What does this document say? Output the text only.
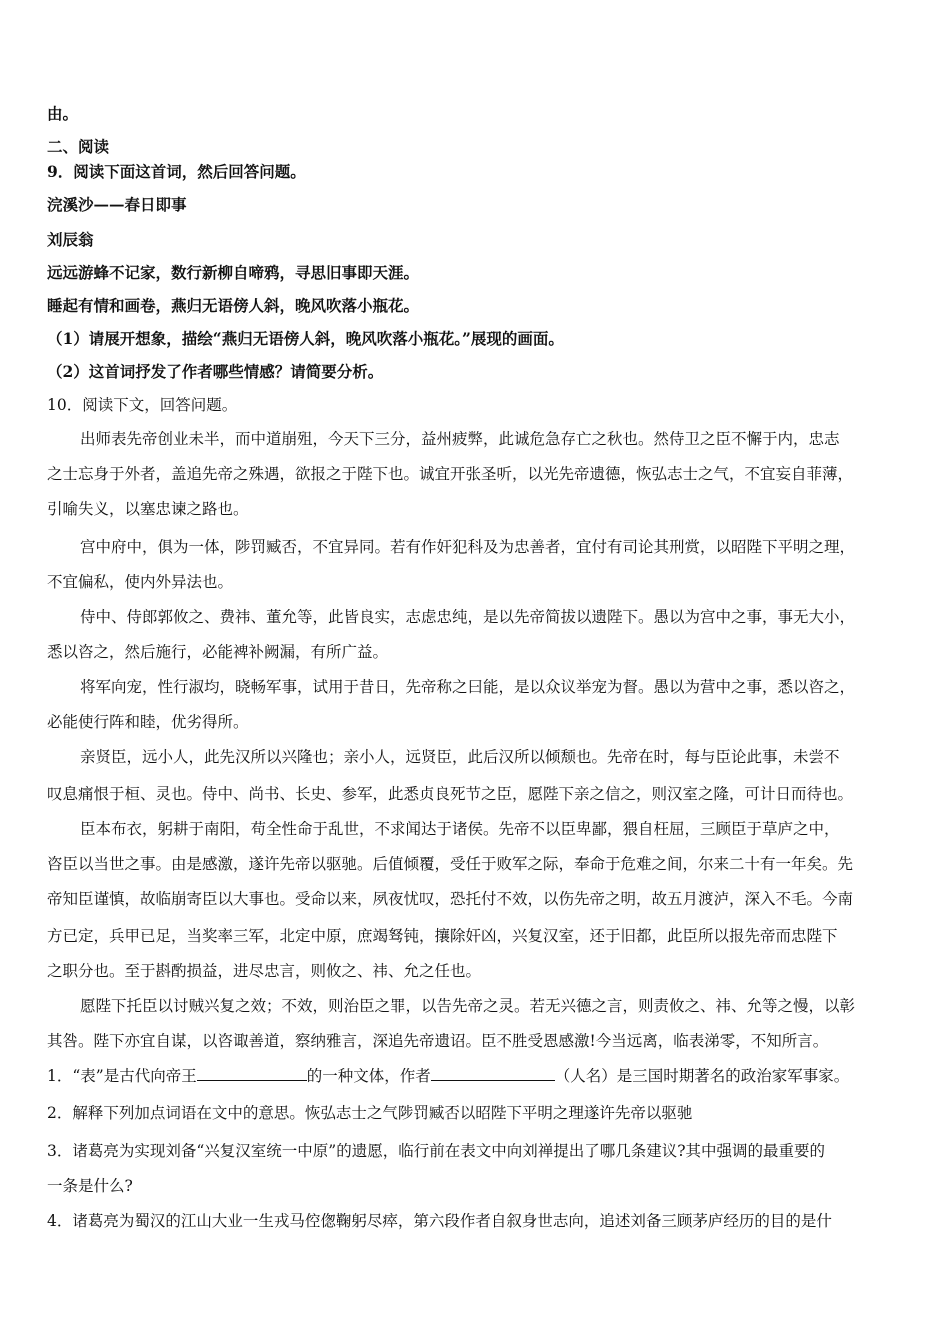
由。
二、阅读
9．阅读下面这首词，然后回答问题。
浣溪沙——春日即事
刘辰翁
远远游蜂不记家，数行新柳自啼鸦，寻思旧事即天涯。
睡起有情和画卷，燕归无语傍人斜，晚风吹落小瓶花。
（1）请展开想象，描绘“燕归无语傍人斜，晚风吹落小瓶花。”展现的画面。
（2）这首词抒发了作者哪些情感？请简要分析。
10．阅读下文，回答问题。
出师表先帝创业未半，而中道崩殂，今天下三分，益州疲弊，此诚危急存亡之秋也。然侍卫之臣不懈于内，忠志
之士忘身于外者，盖追先帝之殊遇，欲报之于陛下也。诚宜开张圣听，以光先帝遗德，恢弘志士之气，不宜妄自菲薄，
引喻失义，以塞忠谏之路也。
宫中府中，俱为一体，陟罚臧否，不宜异同。若有作奸犯科及为忠善者，宜付有司论其刑赏，以昭陛下平明之理，
不宜偏私，使内外异法也。
侍中、侍郎郭攸之、费祎、董允等，此皆良实，志虑忠纯，是以先帝简拔以遗陛下。愚以为宫中之事，事无大小，
悉以咨之，然后施行，必能裨补阙漏，有所广益。
将军向宠，性行淑均，晓畅军事，试用于昔日，先帝称之曰能，是以众议举宠为督。愚以为营中之事，悉以咨之，
必能使行阵和睦，优劣得所。
亲贤臣，远小人，此先汉所以兴隆也；亲小人，远贤臣，此后汉所以倾颓也。先帝在时，每与臣论此事，未尝不
叹息痛恨于桓、灵也。侍中、尚书、长史、参军，此悉贞良死节之臣，愿陛下亲之信之，则汉室之隆，可计日而待也。
臣本布衣，躬耕于南阳，苟全性命于乱世，不求闻达于诸侯。先帝不以臣卑鄙，猥自枉屈，三顾臣于草庐之中，
咨臣以当世之事。由是感激，遂许先帝以驱驰。后值倾覆，受任于败军之际，奉命于危难之间，尔来二十有一年矣。先
帝知臣谨慎，故临崩寄臣以大事也。受命以来，夙夜忧叹，恐托付不效，以伤先帝之明，故五月渡泸，深入不毛。今南
方已定，兵甲已足，当奖率三军，北定中原，庶竭驽钝，攘除奸凶，兴复汉室，还于旧都，此臣所以报先帝而忠陛下
之职分也。至于斟酌损益，进尽忠言，则攸之、祎、允之任也。
愿陛下托臣以讨贼兴复之效；不效，则治臣之罪，以告先帝之灵。若无兴德之言，则责攸之、祎、允等之慢，以彰
其咎。陛下亦宜自谋，以咨诹善道，察纳雅言，深追先帝遗诏。臣不胜受恩感激!今当远离，临表涕零，不知所言。
1．“表”是古代向帝王	的一种文体，作者	（人名）是三国时期著名的政治家军事家。
2．解释下列加点词语在文中的意思。恢弘志士之气陟罚臧否以昭陛下平明之理遂许先帝以驱驰
3．诸葛亮为实现刘备“兴复汉室统一中原”的遗愿，临行前在表文中向刘禅提出了哪几条建议?其中强调的最重要的
一条是什么?
4．诸葛亮为蜀汉的江山大业一生戎马倥偬鞠躬尽瘁，第六段作者自叙身世志向，追述刘备三顾茅庐经历的目的是什
